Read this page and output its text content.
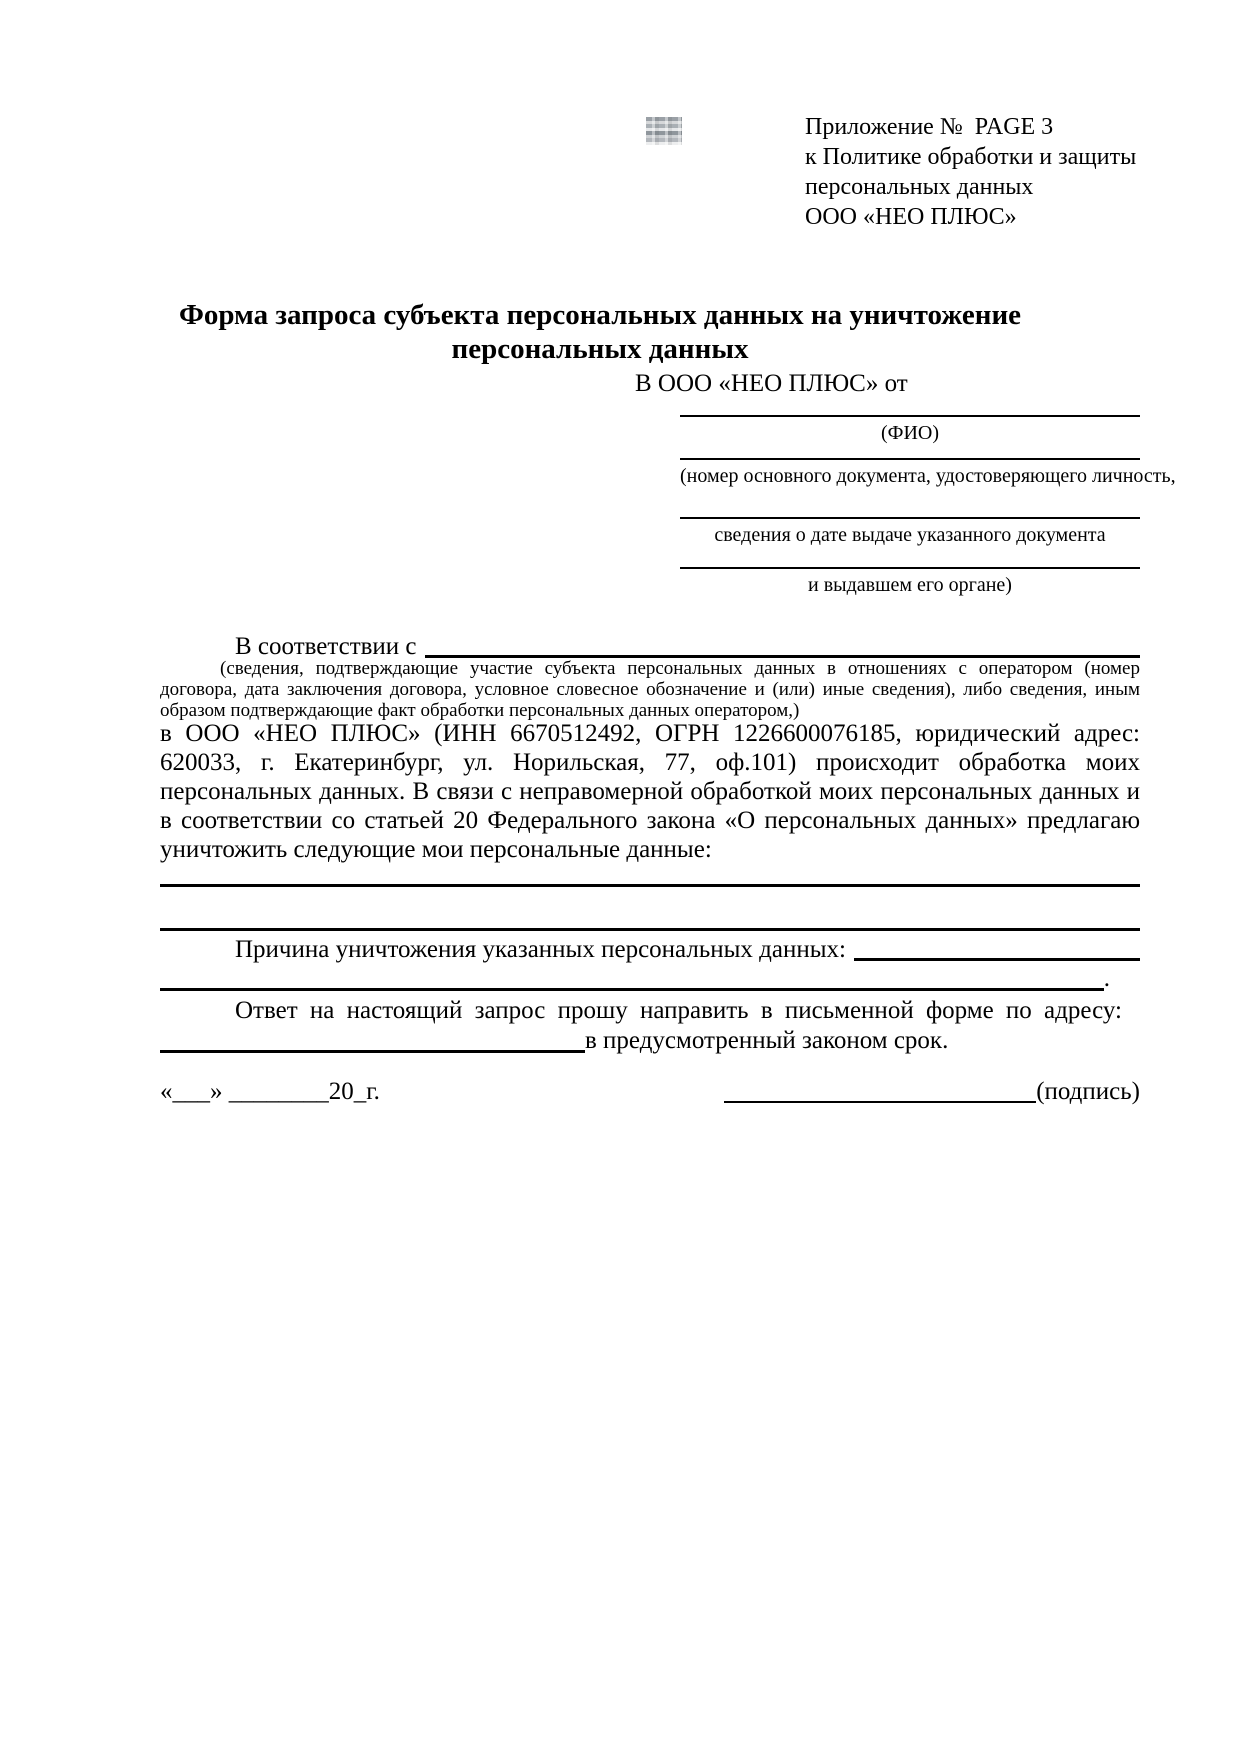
Приложение №  PAGE 3
к Политике обработки и защиты
персональных данных
ООО «НЕО ПЛЮС»
Форма запроса субъекта персональных данных на уничтожение
персональных данных
В ООО «НЕО ПЛЮС» от
(ФИО)
(номер основного документа, удостоверяющего личность,
сведения о дате выдаче указанного документа
и выдавшем его органе)
В соответствии с
(сведения, подтверждающие участие субъекта персональных данных в отношениях с оператором (номер договора, дата заключения договора, условное словесное обозначение и (или) иные сведения), либо сведения, иным образом подтверждающие факт обработки персональных данных оператором,)
в ООО «НЕО ПЛЮС» (ИНН 6670512492, ОГРН 1226600076185, юридический адрес: 620033, г. Екатеринбург, ул. Норильская, 77, оф.101) происходит обработка моих персональных данных. В связи с неправомерной обработкой моих персональных данных и в соответствии со статьей 20 Федерального закона «О персональных данных» предлагаю уничтожить следующие мои персональные данные:
Причина уничтожения указанных персональных данных:
.
Ответ на настоящий запрос прошу направить в письменной форме по адресу:
в предусмотренный законом срок.
«___» ________20_г.	(подпись)
